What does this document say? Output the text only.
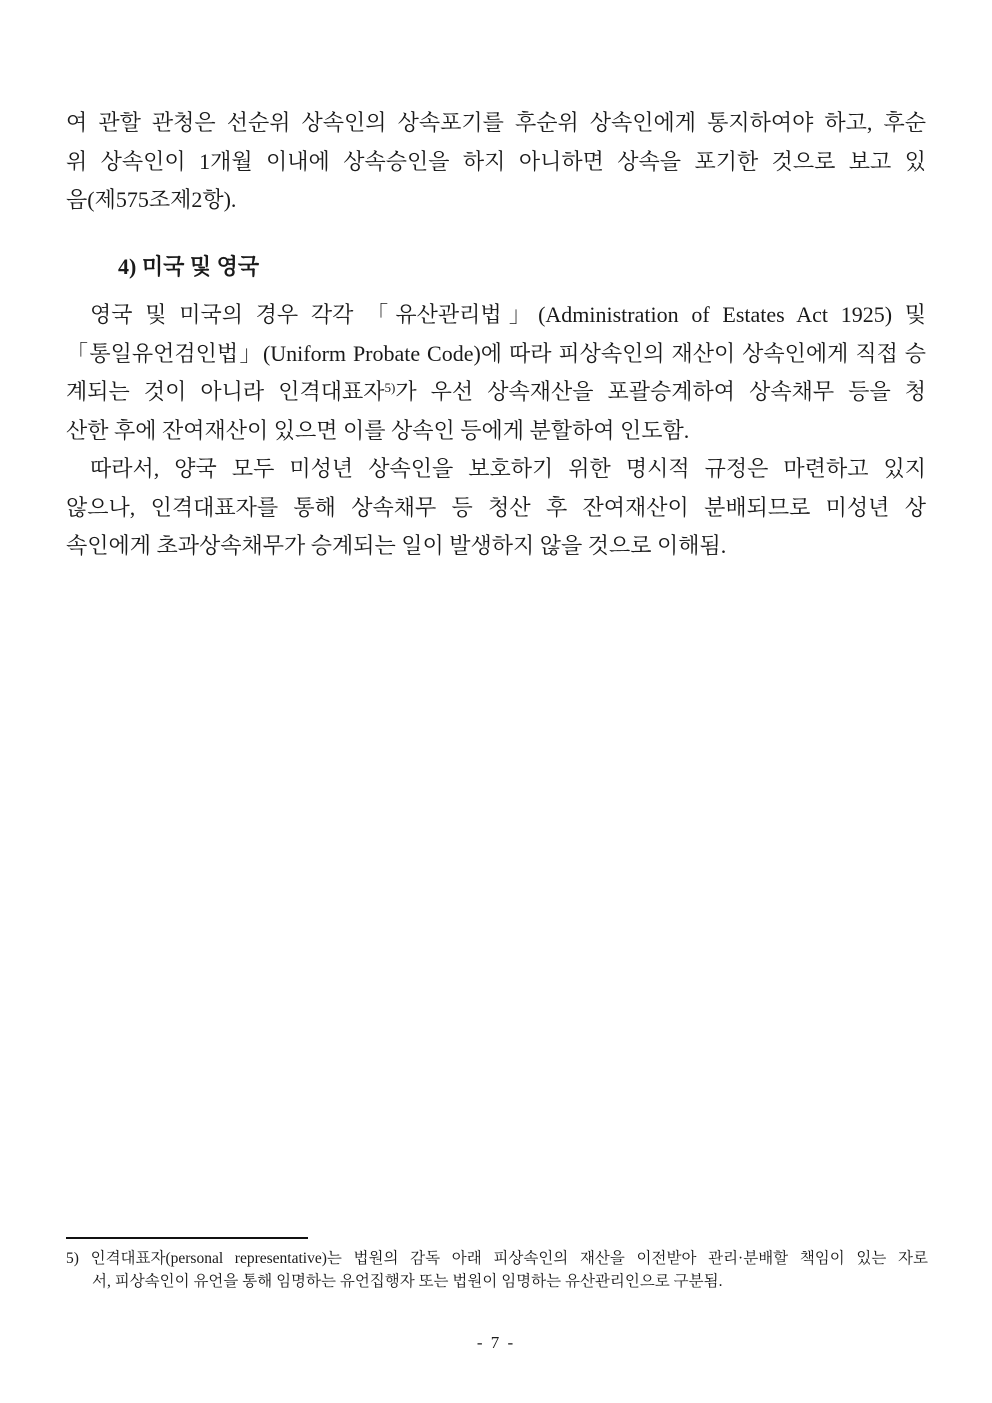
여 관할 관청은 선순위 상속인의 상속포기를 후순위 상속인에게 통지하여야 하고, 후순
위 상속인이 1개월 이내에 상속승인을 하지 아니하면 상속을 포기한 것으로 보고 있
음(제575조제2항).
4) 미국 및 영국
영국 및 미국의 경우 각각 「유산관리법」(Administration of Estates Act 1925) 및
「통일유언검인법」(Uniform Probate Code)에 따라 피상속인의 재산이 상속인에게 직접 승
계되는 것이 아니라 인격대표자$^{5)}$가 우선 상속재산을 포괄승계하여 상속채무 등을 청
산한 후에 잔여재산이 있으면 이를 상속인 등에게 분할하여 인도함.
따라서, 양국 모두 미성년 상속인을 보호하기 위한 명시적 규정은 마련하고 있지
않으나, 인격대표자를 통해 상속채무 등 청산 후 잔여재산이 분배되므로 미성년 상
속인에게 초과상속채무가 승계되는 일이 발생하지 않을 것으로 이해됨.
5) 인격대표자(personal representative)는 법원의 감독 아래 피상속인의 재산을 이전받아 관리·분배할 책임이 있는 자로
서, 피상속인이 유언을 통해 임명하는 유언집행자 또는 법원이 임명하는 유산관리인으로 구분됨.
- 7 -
